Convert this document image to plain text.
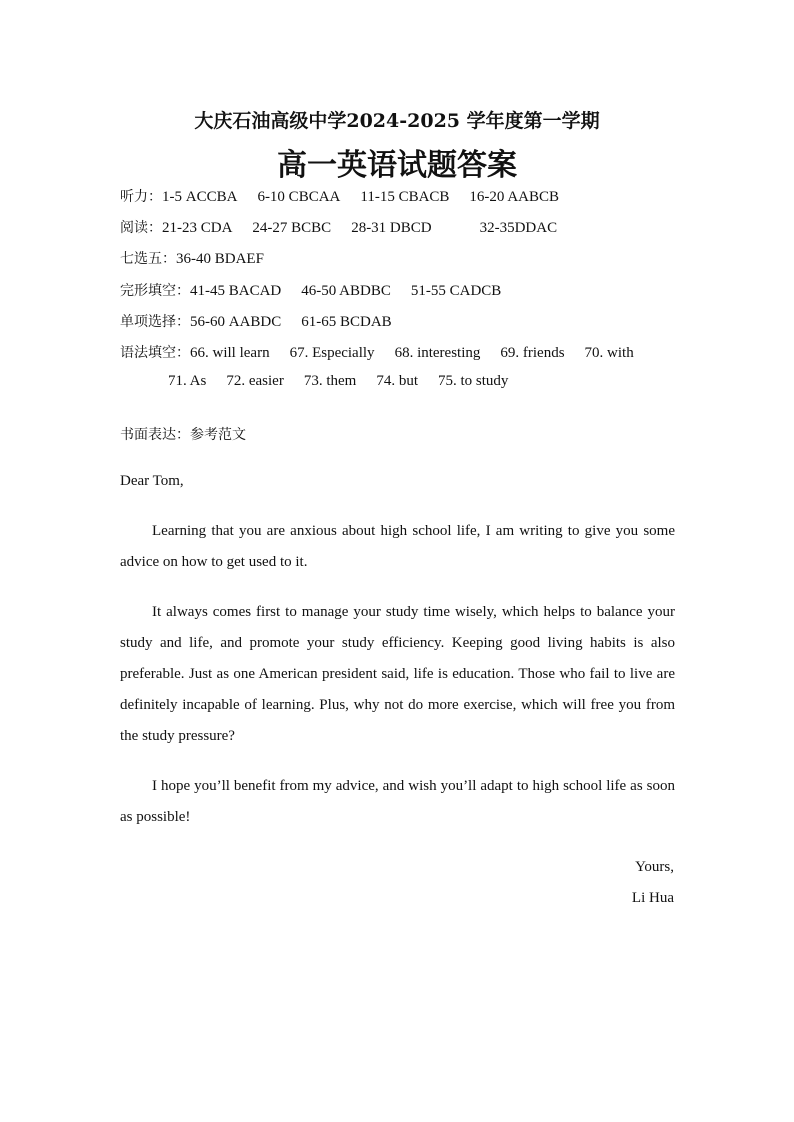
大庆石油高级中学2024-2025 学年度第一学期
高一英语试题答案
听力：1-5 ACCBA 6-10 CBCAA 11-15 CBACB 16-20 AABCB
阅读：21-23 CDA 24-27 BCBC 28-31 DBCD	32-35DDAC
七选五：36-40 BDAEF
完形填空：41-45 BACAD 46-50 ABDBC 51-55 CADCB
单项选择：56-60 AABDC 61-65 BCDAB
语法填空：66. will learn 67. Especially 68. interesting 69. friends 70. with
71. As 72. easier 73. them 74. but 75. to study
书面表达：参考范文
Dear Tom,
Learning that you are anxious about high school life, I am writing to give you some advice on how to get used to it.
It always comes first to manage your study time wisely, which helps to balance your study and life, and promote your study efficiency. Keeping good living habits is also preferable. Just as one American president said, life is education. Those who fail to live are definitely incapable of learning. Plus, why not do more exercise, which will free you from the study pressure?
I hope you’ll benefit from my advice, and wish you’ll adapt to high school life as soon as possible!
Yours,
Li Hua
